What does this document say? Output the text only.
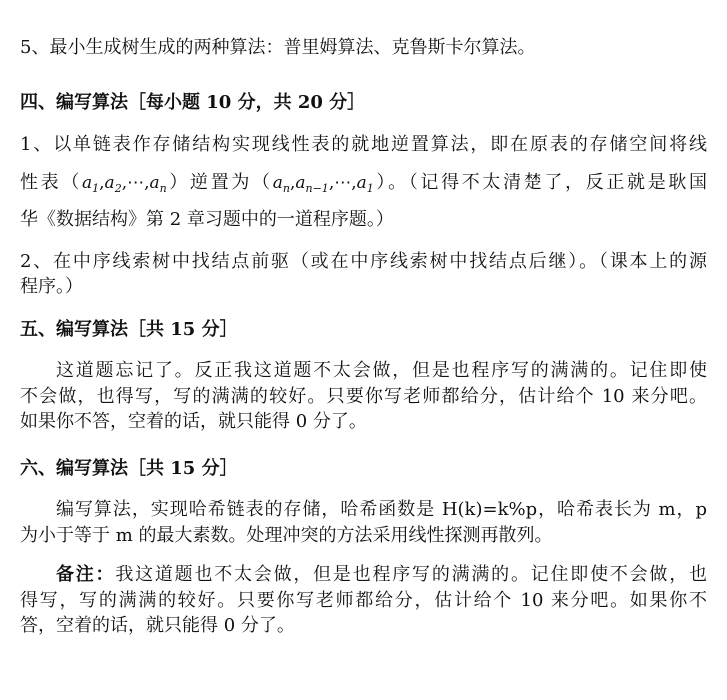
5、最小生成树生成的两种算法：普里姆算法、克鲁斯卡尔算法。
四、编写算法［每小题 10 分，共 20 分］
1、以单链表作存储结构实现线性表的就地逆置算法，即在原表的存储空间将线
性表$(a_1,a_2,\cdots,a_n)$逆置为$(a_n,a_{n-1},\cdots,a_1)$。（记得不太清楚了，反正就是耿国
华《数据结构》第 2 章习题中的一道程序题。）
2、在中序线索树中找结点前驱（或在中序线索树中找结点后继）。（课本上的源
程序。）
五、编写算法［共 15 分］
这道题忘记了。反正我这道题不太会做，但是也程序写的满满的。记住即使
不会做，也得写，写的满满的较好。只要你写老师都给分，估计给个 10 来分吧。
如果你不答，空着的话，就只能得 0 分了。
六、编写算法［共 15 分］
编写算法，实现哈希链表的存储，哈希函数是 H(k)=k%p，哈希表长为 m，p
为小于等于 m 的最大素数。处理冲突的方法采用线性探测再散列。
备注：我这道题也不太会做，但是也程序写的满满的。记住即使不会做，也
得写，写的满满的较好。只要你写老师都给分，估计给个 10 来分吧。如果你不
答，空着的话，就只能得 0 分了。
